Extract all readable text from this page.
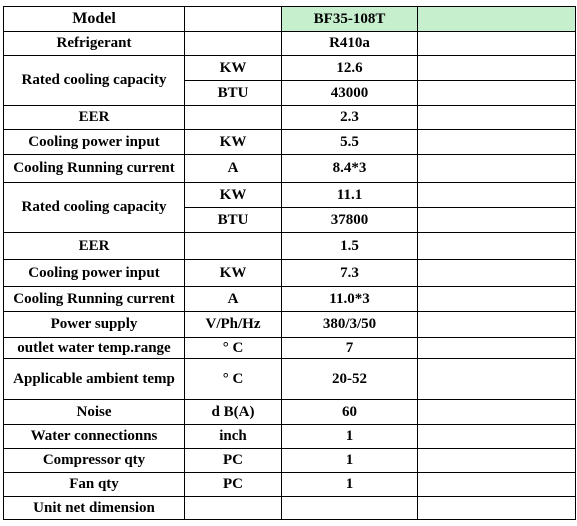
Model		BF35-108T	
Refrigerant		R410a	
Rated cooling capacity	KW	12.6	
	BTU	43000	
EER		2.3	
Cooling power input	KW	5.5	
Cooling Running current	A	8.4*3	
Rated cooling capacity	KW	11.1	
	BTU	37800	
EER		1.5	
Cooling power input	KW	7.3	
Cooling Running current	A	11.0*3	
Power supply	V/Ph/Hz	380/3/50	
outlet water temp.range	° C	7	
Applicable ambient temp	° C	20-52	
Noise	d B(A)	60	
Water connectionns	inch	1	
Compressor qty	PC	1	
Fan qty	PC	1	
Unit net dimension			
